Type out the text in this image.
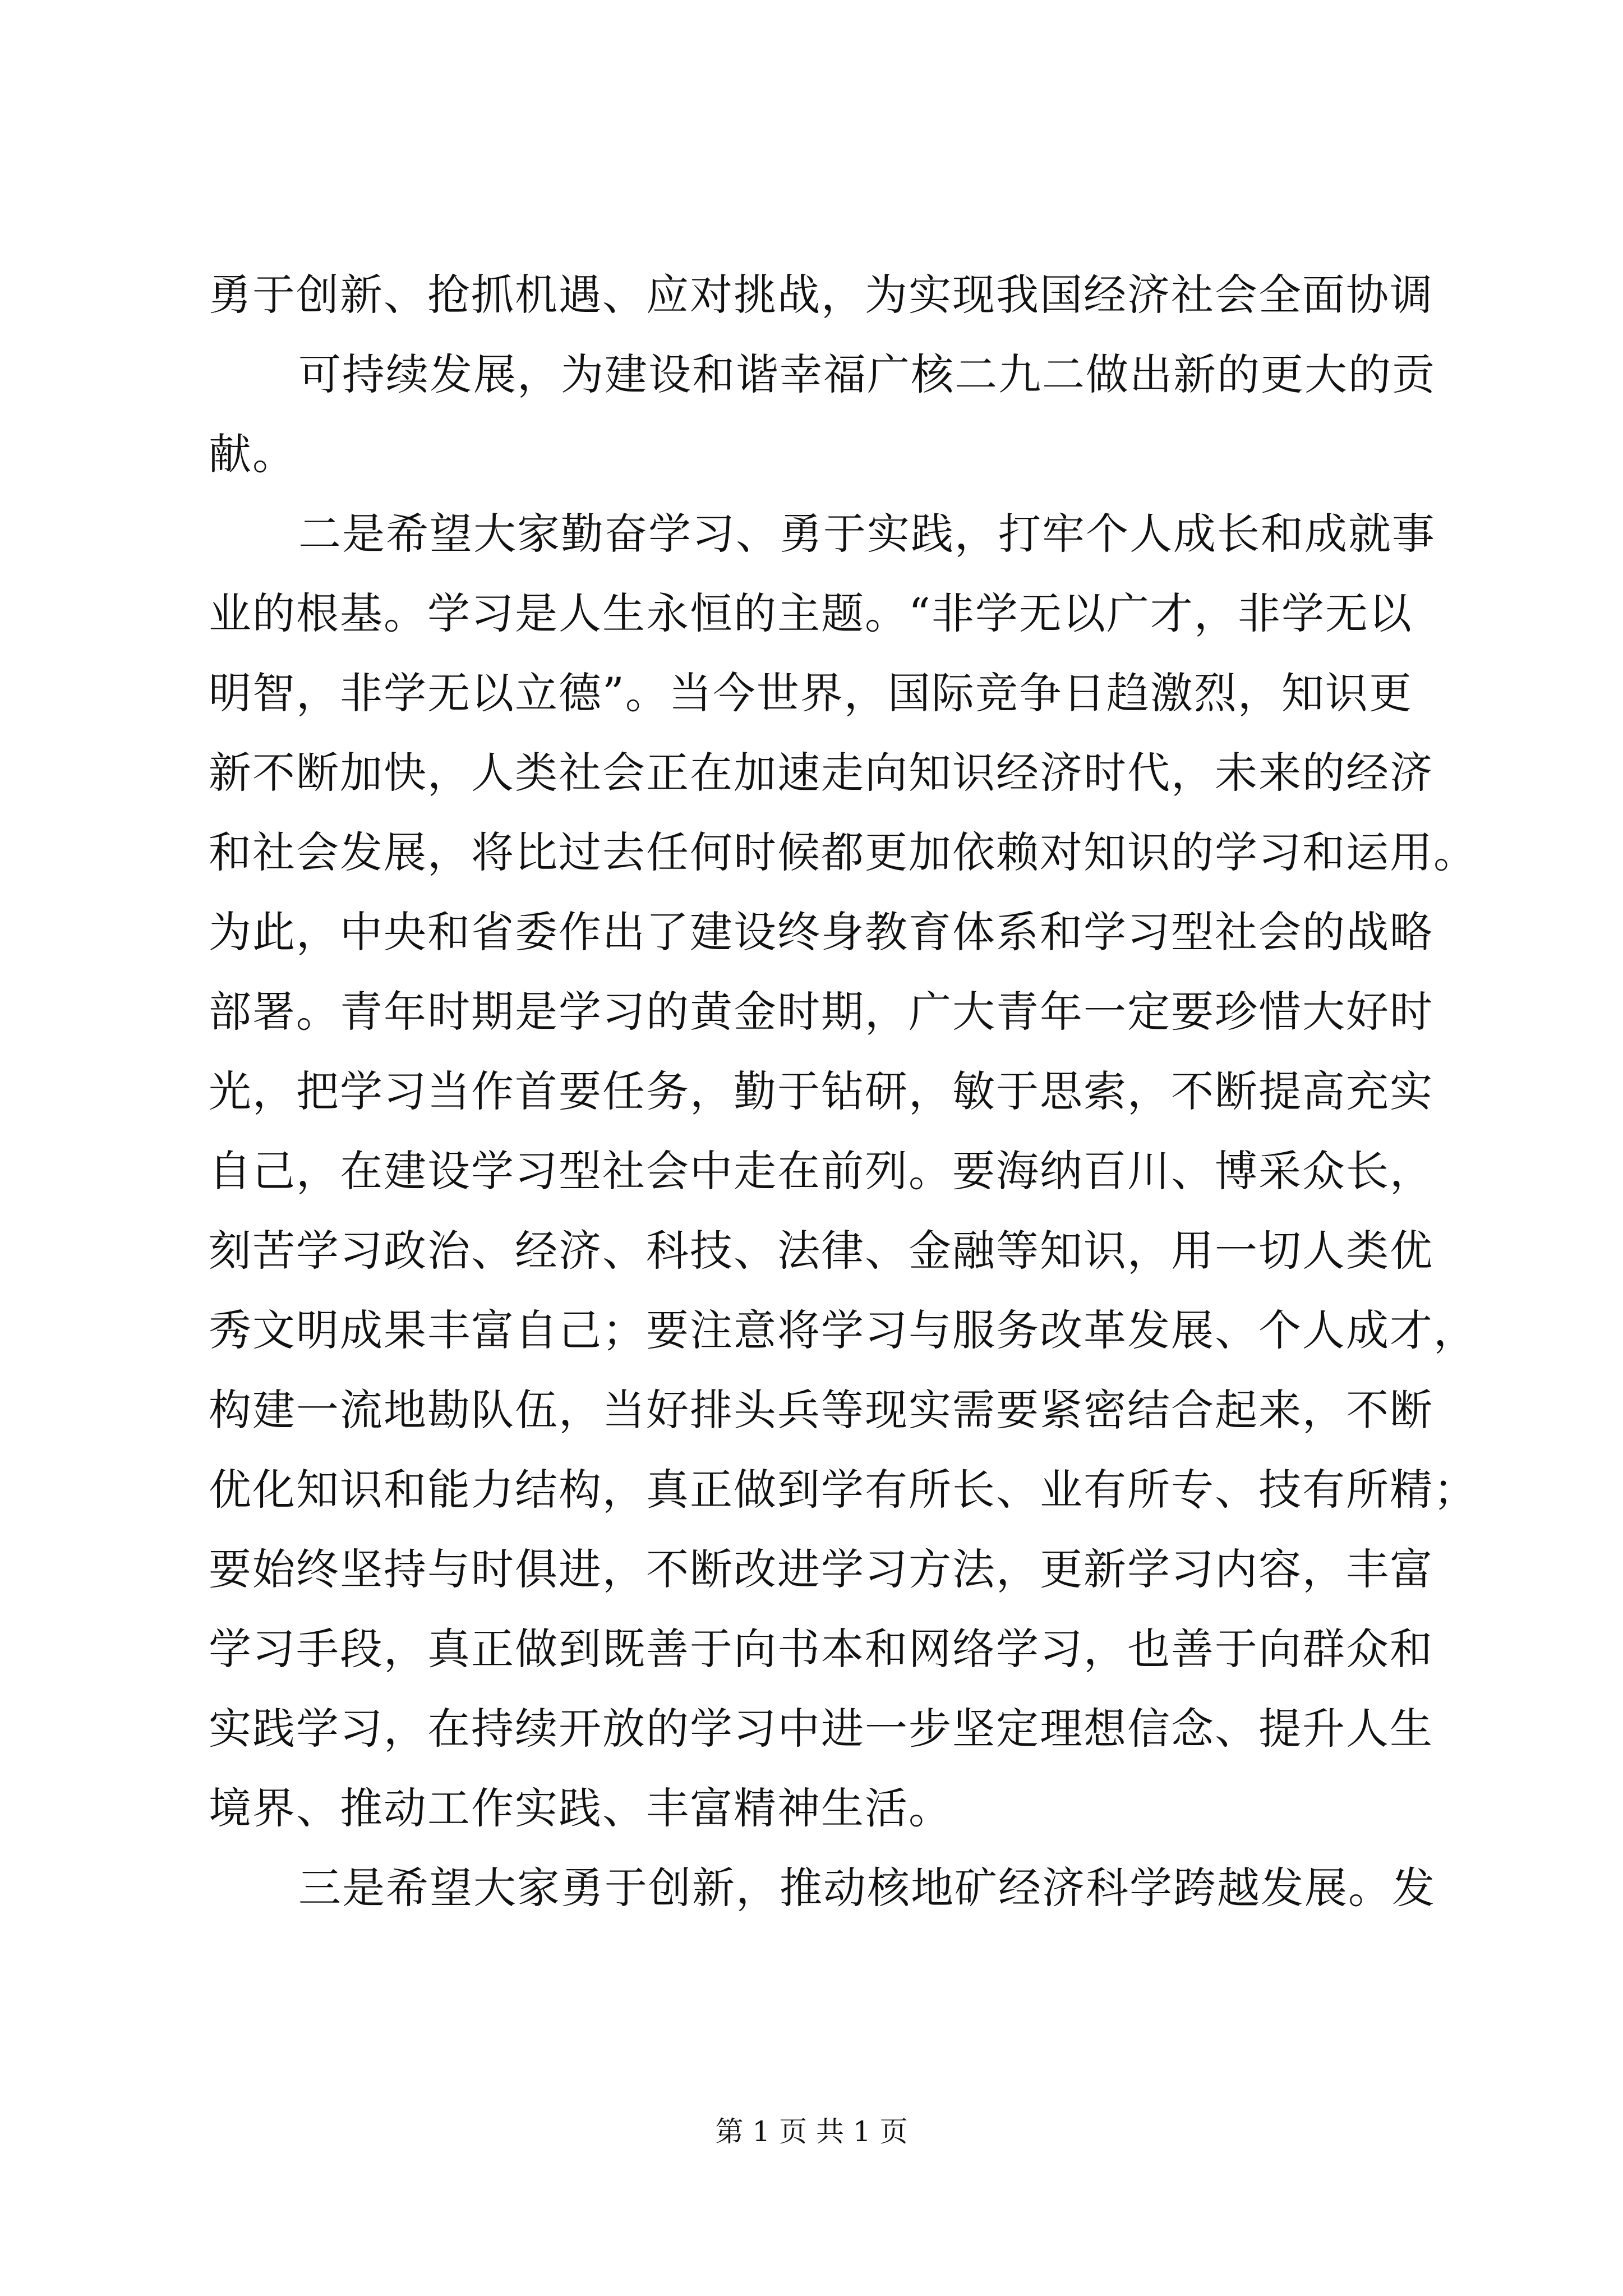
勇于创新、抢抓机遇、应对挑战，为实现我国经济社会全面协调
可持续发展，为建设和谐幸福广核二九二做出新的更大的贡
献。
二是希望大家勤奋学习、勇于实践，打牢个人成长和成就事
业的根基。学习是人生永恒的主题。“非学无以广才，非学无以
明智，非学无以立德”。当今世界，国际竞争日趋激烈，知识更
新不断加快，人类社会正在加速走向知识经济时代，未来的经济
和社会发展，将比过去任何时候都更加依赖对知识的学习和运用。
为此，中央和省委作出了建设终身教育体系和学习型社会的战略
部署。青年时期是学习的黄金时期，广大青年一定要珍惜大好时
光，把学习当作首要任务，勤于钻研，敏于思索，不断提高充实
自己，在建设学习型社会中走在前列。要海纳百川、博采众长，
刻苦学习政治、经济、科技、法律、金融等知识，用一切人类优
秀文明成果丰富自己；要注意将学习与服务改革发展、个人成才，
构建一流地勘队伍，当好排头兵等现实需要紧密结合起来，不断
优化知识和能力结构，真正做到学有所长、业有所专、技有所精；
要始终坚持与时俱进，不断改进学习方法，更新学习内容，丰富
学习手段，真正做到既善于向书本和网络学习，也善于向群众和
实践学习，在持续开放的学习中进一步坚定理想信念、提升人生
境界、推动工作实践、丰富精神生活。
三是希望大家勇于创新，推动核地矿经济科学跨越发展。发
第 1 页 共 1 页
